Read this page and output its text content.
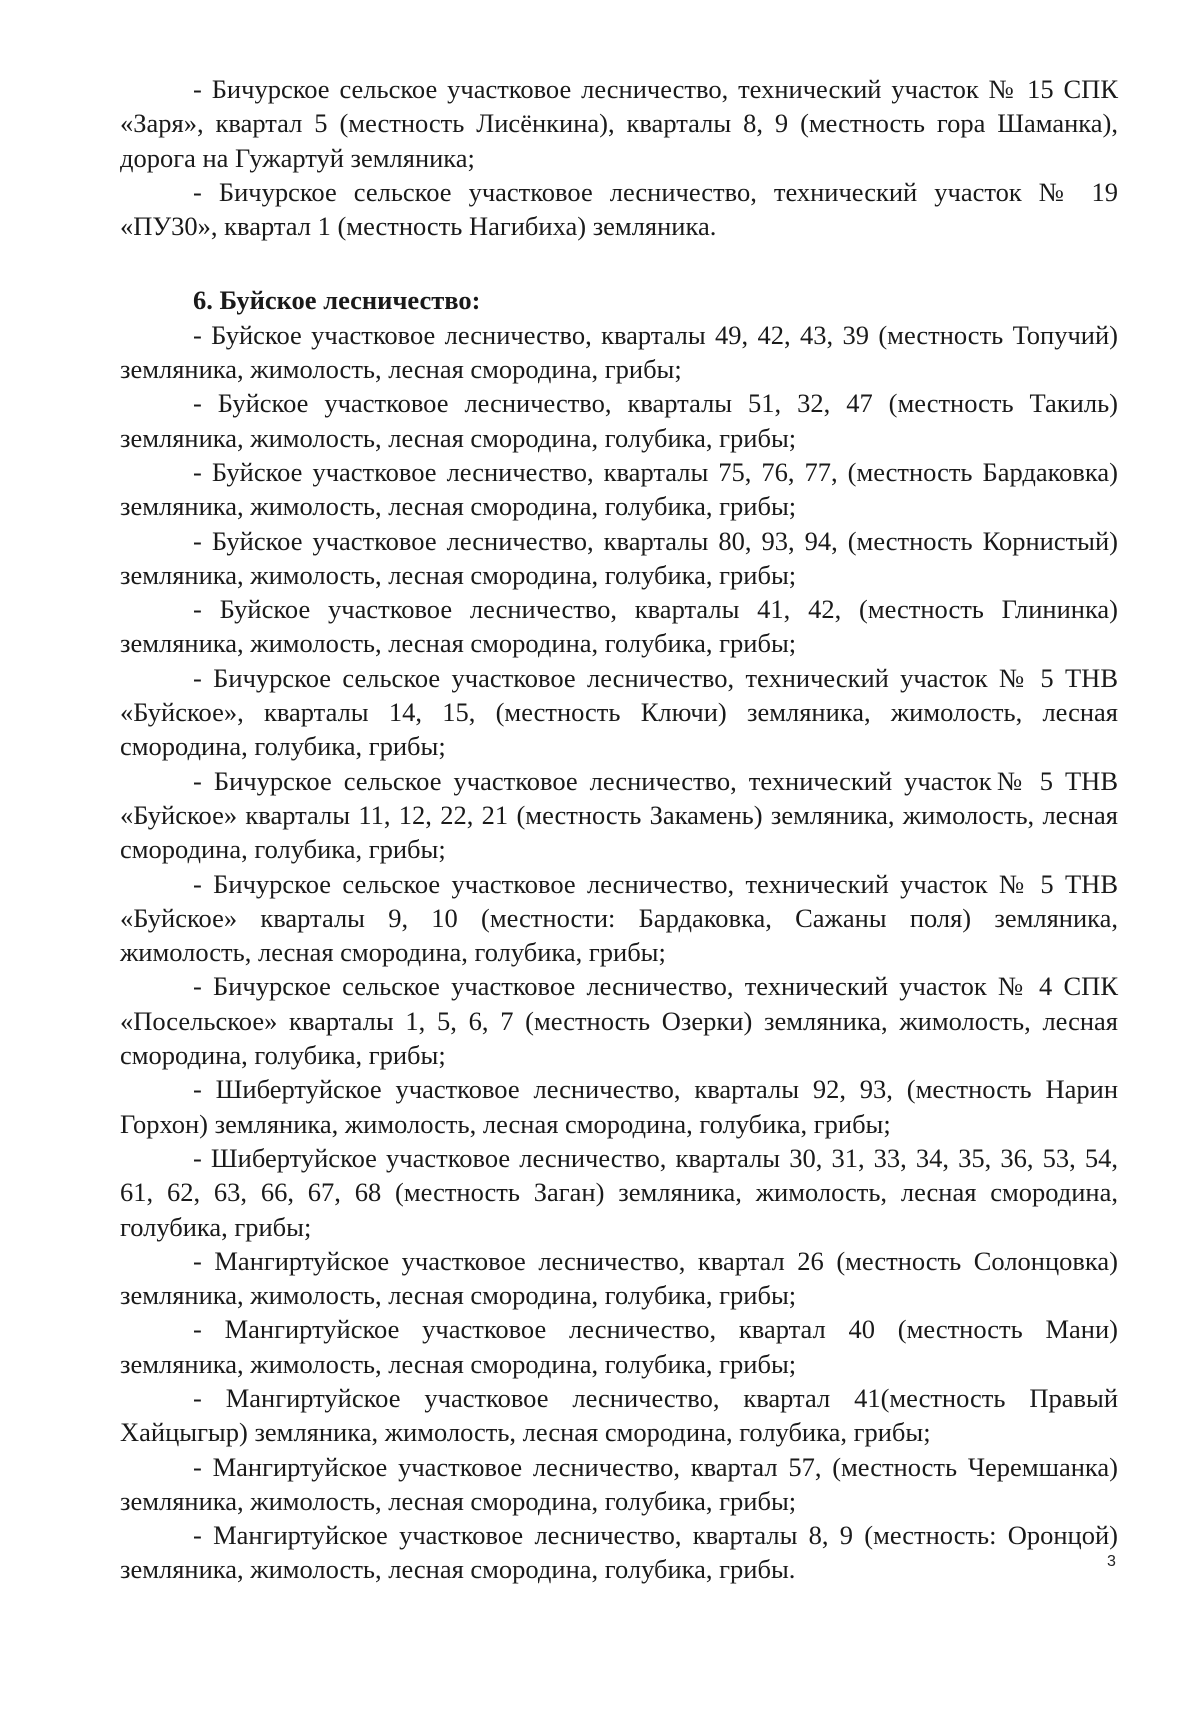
- Бичурское сельское участковое лесничество, технический участок № 15 СПК «Заря», квартал 5 (местность Лисёнкина), кварталы 8, 9 (местность гора Шаманка), дорога на Гужартуй земляника;

- Бичурское сельское участковое лесничество, технический участок № 19 «ПУ30», квартал 1 (местность Нагибиха) земляника.

6. Буйское лесничество:

- Буйское участковое лесничество, кварталы 49, 42, 43, 39 (местность Топучий) земляника, жимолость, лесная смородина, грибы;

- Буйское участковое лесничество, кварталы 51, 32, 47 (местность Такиль) земляника, жимолость, лесная смородина, голубика, грибы;

- Буйское участковое лесничество, кварталы 75, 76, 77, (местность Бардаковка) земляника, жимолость, лесная смородина, голубика, грибы;

- Буйское участковое лесничество, кварталы 80, 93, 94, (местность Корнистый) земляника, жимолость, лесная смородина, голубика, грибы;

- Буйское участковое лесничество, кварталы 41, 42, (местность Глининка) земляника, жимолость, лесная смородина, голубика, грибы;

- Бичурское сельское участковое лесничество, технический участок № 5 ТНВ «Буйское», кварталы 14, 15, (местность Ключи) земляника, жимолость, лесная смородина, голубика, грибы;

- Бичурское сельское участковое лесничество, технический участок№ 5 ТНВ «Буйское» кварталы 11, 12, 22, 21 (местность Закамень) земляника, жимолость, лесная смородина, голубика, грибы;

- Бичурское сельское участковое лесничество, технический участок № 5 ТНВ «Буйское» кварталы 9, 10 (местности: Бардаковка, Сажаны поля) земляника, жимолость, лесная смородина, голубика, грибы;

- Бичурское сельское участковое лесничество, технический участок № 4 СПК «Посельское» кварталы 1, 5, 6, 7 (местность Озерки) земляника, жимолость, лесная смородина, голубика, грибы;

- Шибертуйское участковое лесничество, кварталы 92, 93, (местность Нарин Горхон) земляника, жимолость, лесная смородина, голубика, грибы;

- Шибертуйское участковое лесничество, кварталы 30, 31, 33, 34, 35, 36, 53, 54, 61, 62, 63, 66, 67, 68 (местность Заган) земляника, жимолость, лесная смородина, голубика, грибы;

- Мангиртуйское участковое лесничество, квартал 26 (местность Солонцовка) земляника, жимолость, лесная смородина, голубика, грибы;

- Мангиртуйское участковое лесничество, квартал 40 (местность Мани) земляника, жимолость, лесная смородина, голубика, грибы;

- Мангиртуйское участковое лесничество, квартал 41(местность Правый Хайцыгыр) земляника, жимолость, лесная смородина, голубика, грибы;

- Мангиртуйское участковое лесничество, квартал 57, (местность Черемшанка) земляника, жимолость, лесная смородина, голубика, грибы;

- Мангиртуйское участковое лесничество, кварталы 8, 9 (местность: Оронцой) земляника, жимолость, лесная смородина, голубика, грибы.	3
